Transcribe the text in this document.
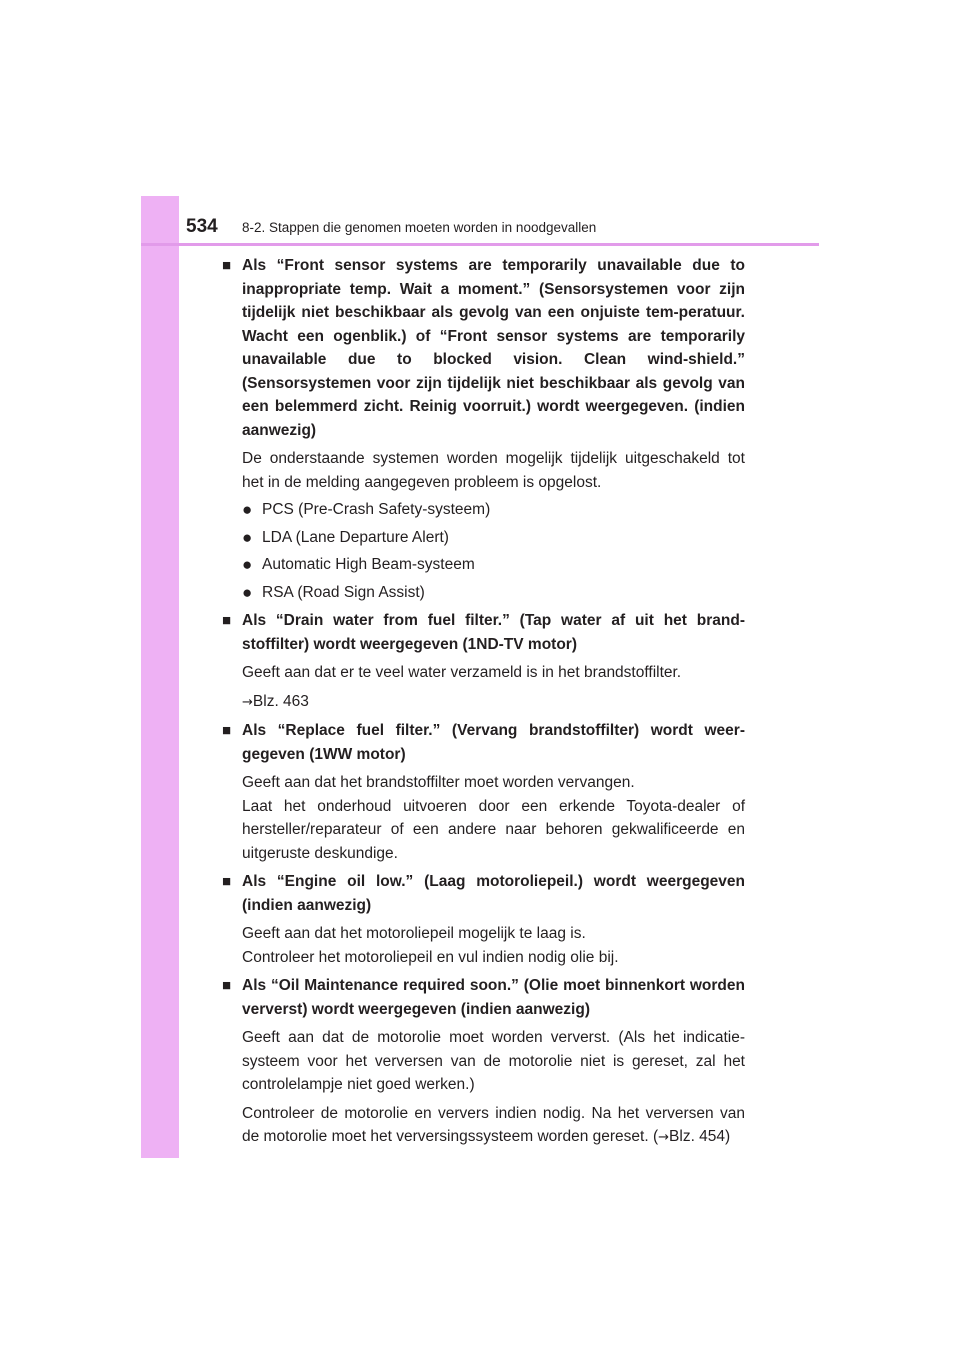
534 8-2. Stappen die genomen moeten worden in noodgevallen
■ Als “Front sensor systems are temporarily unavailable due to inappropriate temp. Wait a moment.” (Sensorsystemen voor zijn tijdelijk niet beschikbaar als gevolg van een onjuiste tem-peratuur. Wacht een ogenblik.) of “Front sensor systems are temporarily unavailable due to blocked vision. Clean wind-shield.” (Sensorsystemen voor zijn tijdelijk niet beschikbaar als gevolg van een belemmerd zicht. Reinig voorruit.) wordt weergegeven. (indien aanwezig)
De onderstaande systemen worden mogelijk tijdelijk uitgeschakeld tot het in de melding aangegeven probleem is opgelost.
● PCS (Pre-Crash Safety-systeem)
● LDA (Lane Departure Alert)
● Automatic High Beam-systeem
● RSA (Road Sign Assist)
■ Als “Drain water from fuel filter.” (Tap water af uit het brand-stoffilter) wordt weergegeven (1ND-TV motor)
Geeft aan dat er te veel water verzameld is in het brandstoffilter.
→Blz. 463
■ Als “Replace fuel filter.” (Vervang brandstoffilter) wordt weer-gegeven (1WW motor)
Geeft aan dat het brandstoffilter moet worden vervangen.
Laat het onderhoud uitvoeren door een erkende Toyota-dealer of hersteller/reparateur of een andere naar behoren gekwalificeerde en uitgeruste deskundige.
■ Als “Engine oil low.” (Laag motoroliepeil.) wordt weergegeven (indien aanwezig)
Geeft aan dat het motoroliepeil mogelijk te laag is.
Controleer het motoroliepeil en vul indien nodig olie bij.
■ Als “Oil Maintenance required soon.” (Olie moet binnenkort worden ververst) wordt weergegeven (indien aanwezig)
Geeft aan dat de motorolie moet worden ververst. (Als het indicatie-systeem voor het verversen van de motorolie niet is gereset, zal het controlelampje niet goed werken.)
Controleer de motorolie en ververs indien nodig. Na het verversen van de motorolie moet het verversingssysteem worden gereset. (→Blz. 454)
